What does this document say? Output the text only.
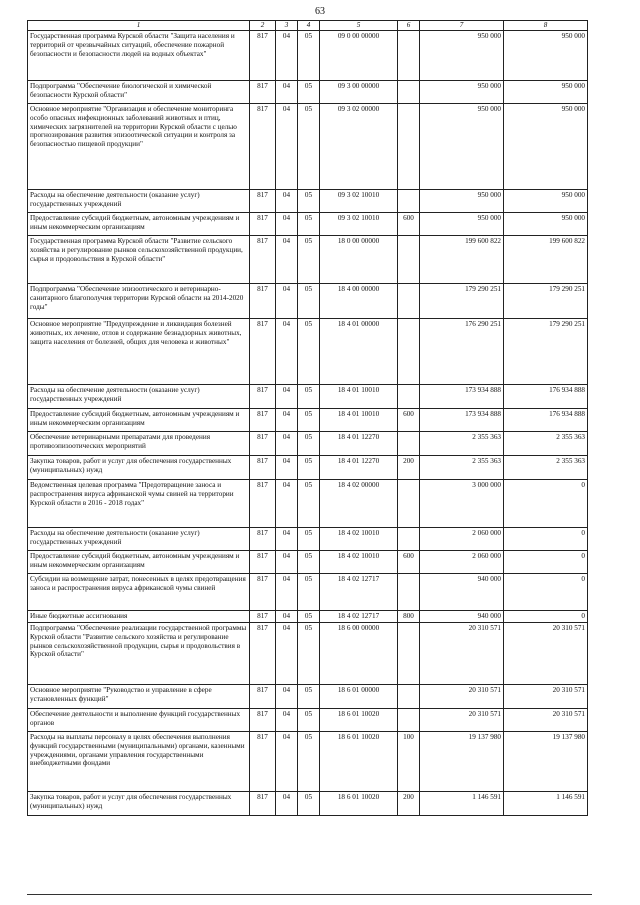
63
1	2	3	4	5	6	7	8
Государственная программа Курской области "Защита населения и территорий от чрезвычайных ситуаций, обеспечение пожарной безопасности и безопасности людей на водных объектах"	817	04	05	09 0 00 00000		950 000	950 000
Подпрограмма "Обеспечение биологической и химической безопасности Курской области"	817	04	05	09 3 00 00000		950 000	950 000
Основное мероприятие "Организация и обеспечение мониторинга особо опасных инфекционных заболеваний животных и птиц, химических загрязнителей на территории Курской области с целью прогнозирования развития эпизоотической ситуации и контроля за безопасностью пищевой продукции"	817	04	05	09 3 02 00000		950 000	950 000
Расходы на обеспечение деятельности (оказание услуг) государственных учреждений	817	04	05	09 3 02 10010		950 000	950 000
Предоставление субсидий бюджетным, автономным учреждениям и иным некоммерческим организациям	817	04	05	09 3 02 10010	600	950 000	950 000
Государственная программа Курской области "Развитие сельского хозяйства и регулирование рынков сельскохозяйственной продукции, сырья и продовольствия в Курской области"	817	04	05	18 0 00 00000		199 600 822	199 600 822
Подпрограмма "Обеспечение эпизоотического и ветеринарно-санитарного благополучия территории Курской области на 2014-2020 годы"	817	04	05	18 4 00 00000		179 290 251	179 290 251
Основное мероприятие "Предупреждение и ликвидация болезней животных, их лечение, отлов и содержание безнадзорных животных, защита населения от болезней, общих для человека и животных"	817	04	05	18 4 01 00000		176 290 251	179 290 251
Расходы на обеспечение деятельности (оказание услуг) государственных учреждений	817	04	05	18 4 01 10010		173 934 888	176 934 888
Предоставление субсидий бюджетным, автономным учреждениям и иным некоммерческим организациям	817	04	05	18 4 01 10010	600	173 934 888	176 934 888
Обеспечение ветеринарными препаратами для проведения противоэпизоотических мероприятий	817	04	05	18 4 01 12270		2 355 363	2 355 363
Закупка товаров, работ и услуг для обеспечения государственных (муниципальных) нужд	817	04	05	18 4 01 12270	200	2 355 363	2 355 363
Ведомственная целевая программа "Предотвращение заноса и распространения вируса африканской чумы свиней на территории Курской области в 2016 - 2018 годах"	817	04	05	18 4 02 00000		3 000 000	0
Расходы на обеспечение деятельности (оказание услуг) государственных учреждений	817	04	05	18 4 02 10010		2 060 000	0
Предоставление субсидий бюджетным, автономным учреждениям и иным некоммерческим организациям	817	04	05	18 4 02 10010	600	2 060 000	0
Субсидии на возмещение затрат, понесенных в целях предотвращения заноса и распространения вируса африканской чумы свиней	817	04	05	18 4 02 12717		940 000	0
Иные бюджетные ассигнования	817	04	05	18 4 02 12717	800	940 000	0
Подпрограмма "Обеспечение реализации государственной программы Курской области "Развитие сельского хозяйства и регулирование рынков сельскохозяйственной продукции, сырья и продовольствия в Курской области"	817	04	05	18 6 00 00000		20 310 571	20 310 571
Основное мероприятие "Руководство и управление в сфере установленных функций"	817	04	05	18 6 01 00000		20 310 571	20 310 571
Обеспечение деятельности и выполнение функций государственных органов	817	04	05	18 6 01 10020		20 310 571	20 310 571
Расходы на выплаты персоналу в целях обеспечения выполнения функций государственными (муниципальными) органами, казенными учреждениями, органами управления государственными внебюджетными фондами	817	04	05	18 6 01 10020	100	19 137 980	19 137 980
Закупка товаров, работ и услуг для обеспечения государственных (муниципальных) нужд	817	04	05	18 6 01 10020	200	1 146 591	1 146 591
